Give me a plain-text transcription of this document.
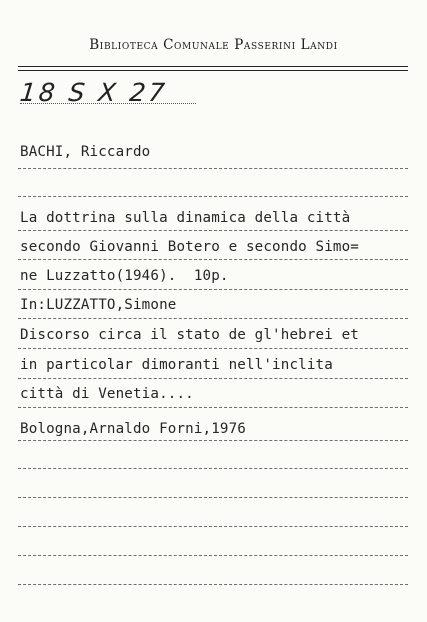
Biblioteca Comunale Passerini Landi
18 S X 27
BACHI, Riccardo
La dottrina sulla dinamica della città
secondo Giovanni Botero e secondo Simo=
ne Luzzatto(1946).  10p.
In:LUZZATTO,Simone
Discorso circa il stato de gl'hebrei et
in particolar dimoranti nell'inclita
città di Venetia....
Bologna,Arnaldo Forni,1976
